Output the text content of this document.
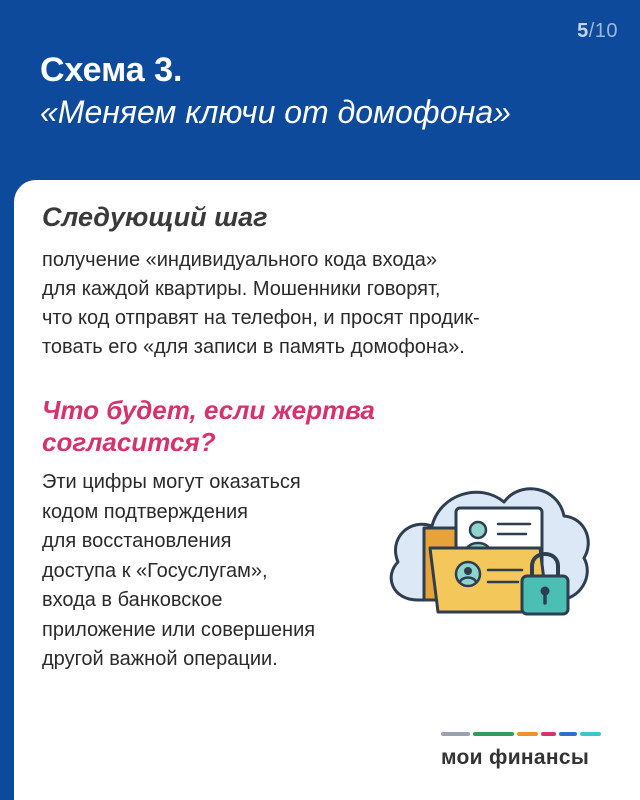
5/10
Схема 3.
«Меняем ключи от домофона»
Следующий шаг
получение «индивидуального кода входа»
для каждой квартиры. Мошенники говорят,
что код отправят на телефон, и просят продик-
товать его «для записи в память домофона».
Что будет, если жертва
согласится?
Эти цифры могут оказаться
кодом подтверждения
для восстановления
доступа к «Госуслугам»,
входа в банковское
приложение или совершения
другой важной операции.
мои финансы
